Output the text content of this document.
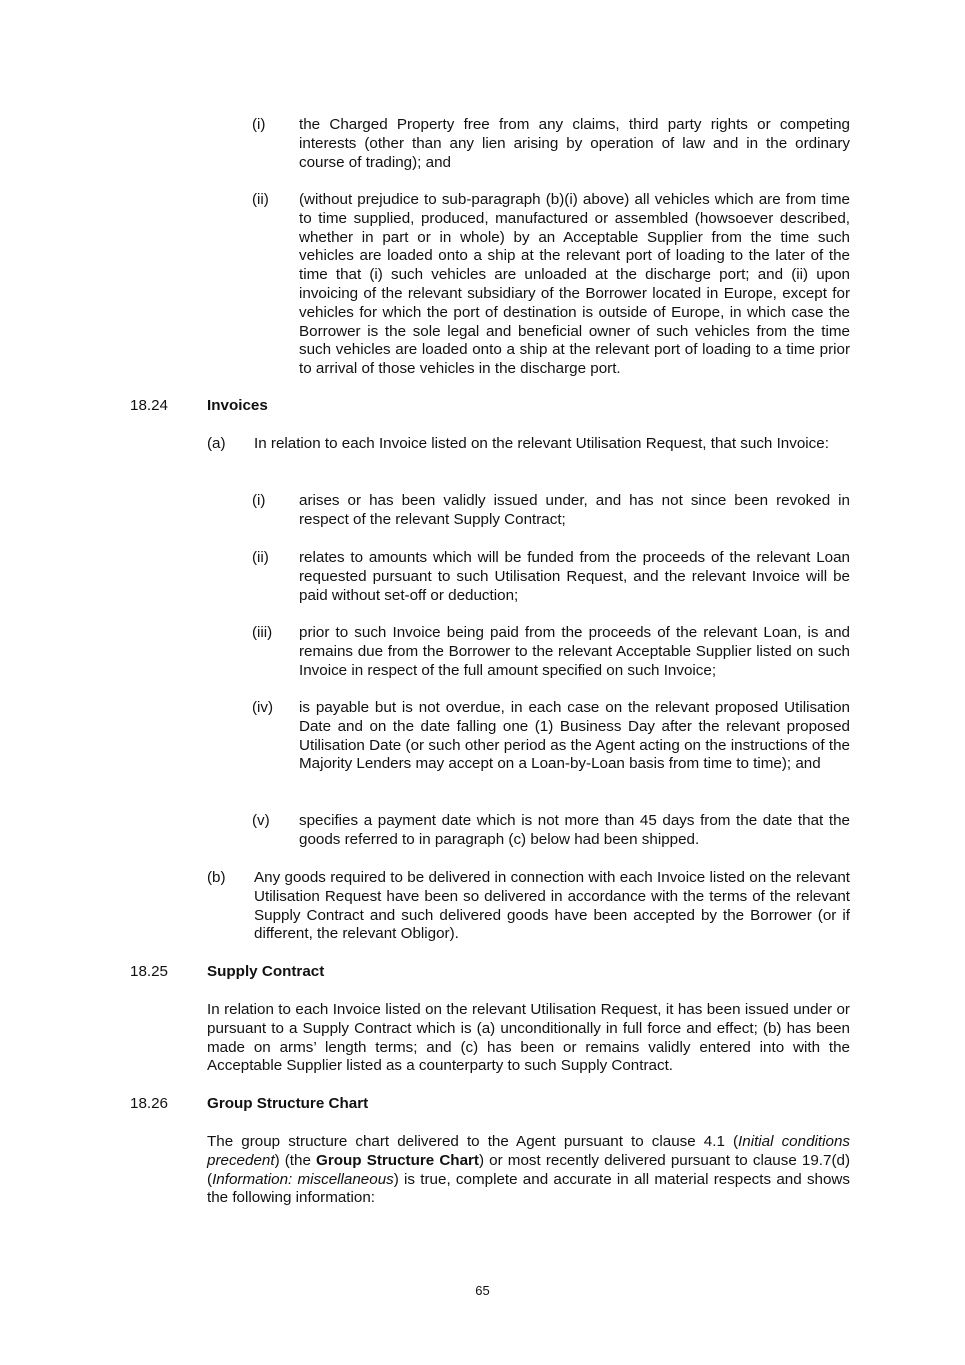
(i) the Charged Property free from any claims, third party rights or competing interests (other than any lien arising by operation of law and in the ordinary course of trading); and
(ii) (without prejudice to sub-paragraph (b)(i) above) all vehicles which are from time to time supplied, produced, manufactured or assembled (howsoever described, whether in part or in whole) by an Acceptable Supplier from the time such vehicles are loaded onto a ship at the relevant port of loading to the later of the time that (i) such vehicles are unloaded at the discharge port; and (ii) upon invoicing of the relevant subsidiary of the Borrower located in Europe, except for vehicles for which the port of destination is outside of Europe, in which case the Borrower is the sole legal and beneficial owner of such vehicles from the time such vehicles are loaded onto a ship at the relevant port of loading to a time prior to arrival of those vehicles in the discharge port.
18.24	Invoices
(a) In relation to each Invoice listed on the relevant Utilisation Request, that such Invoice:
(i) arises or has been validly issued under, and has not since been revoked in respect of the relevant Supply Contract;
(ii) relates to amounts which will be funded from the proceeds of the relevant Loan requested pursuant to such Utilisation Request, and the relevant Invoice will be paid without set-off or deduction;
(iii) prior to such Invoice being paid from the proceeds of the relevant Loan, is and remains due from the Borrower to the relevant Acceptable Supplier listed on such Invoice in respect of the full amount specified on such Invoice;
(iv) is payable but is not overdue, in each case on the relevant proposed Utilisation Date and on the date falling one (1) Business Day after the relevant proposed Utilisation Date (or such other period as the Agent acting on the instructions of the Majority Lenders may accept on a Loan-by-Loan basis from time to time); and
(v) specifies a payment date which is not more than 45 days from the date that the goods referred to in paragraph (c) below had been shipped.
(b) Any goods required to be delivered in connection with each Invoice listed on the relevant Utilisation Request have been so delivered in accordance with the terms of the relevant Supply Contract and such delivered goods have been accepted by the Borrower (or if different, the relevant Obligor).
18.25	Supply Contract
In relation to each Invoice listed on the relevant Utilisation Request, it has been issued under or pursuant to a Supply Contract which is (a) unconditionally in full force and effect; (b) has been made on arms’ length terms; and (c) has been or remains validly entered into with the Acceptable Supplier listed as a counterparty to such Supply Contract.
18.26	Group Structure Chart
The group structure chart delivered to the Agent pursuant to clause 4.1 (Initial conditions precedent) (the Group Structure Chart) or most recently delivered pursuant to clause 19.7(d) (Information: miscellaneous) is true, complete and accurate in all material respects and shows the following information:
65
